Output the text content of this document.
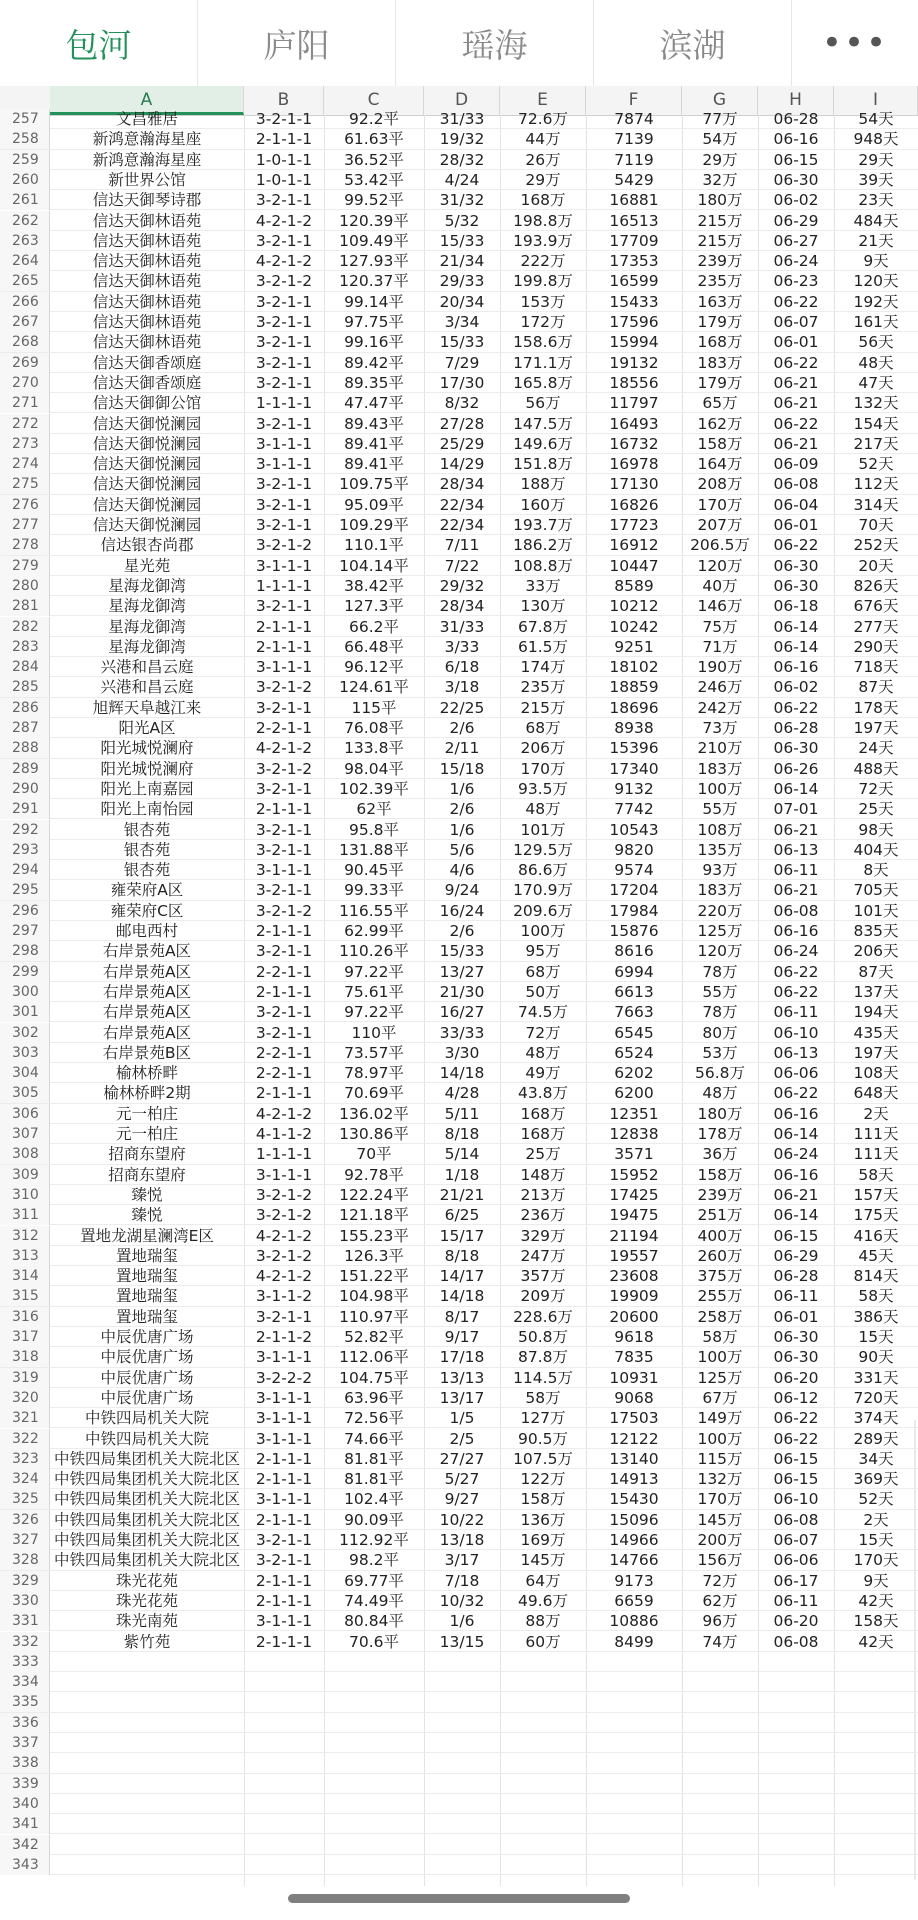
包河	庐阳	瑶海	滨湖	•••
A	B	C	D	E	F	G	H	I
257	文昌雅居	3-2-1-1	92.2平	31/33	72.6万	7874	77万	06-28	54天
258	新鸿意瀚海星座	2-1-1-1	61.63平	19/32	44万	7139	54万	06-16	948天
259	新鸿意瀚海星座	1-0-1-1	36.52平	28/32	26万	7119	29万	06-15	29天
260	新世界公馆	1-0-1-1	53.42平	4/24	29万	5429	32万	06-30	39天
261	信达天御琴诗郡	3-2-1-1	99.52平	31/32	168万	16881	180万	06-02	23天
262	信达天御林语苑	4-2-1-2	120.39平	5/32	198.8万	16513	215万	06-29	484天
263	信达天御林语苑	3-2-1-1	109.49平	15/33	193.9万	17709	215万	06-27	21天
264	信达天御林语苑	4-2-1-2	127.93平	21/34	222万	17353	239万	06-24	9天
265	信达天御林语苑	3-2-1-2	120.37平	29/33	199.8万	16599	235万	06-23	120天
266	信达天御林语苑	3-2-1-1	99.14平	20/34	153万	15433	163万	06-22	192天
267	信达天御林语苑	3-2-1-1	97.75平	3/34	172万	17596	179万	06-07	161天
268	信达天御林语苑	3-2-1-1	99.16平	15/33	158.6万	15994	168万	06-01	56天
269	信达天御香颂庭	3-2-1-1	89.42平	7/29	171.1万	19132	183万	06-22	48天
270	信达天御香颂庭	3-2-1-1	89.35平	17/30	165.8万	18556	179万	06-21	47天
271	信达天御御公馆	1-1-1-1	47.47平	8/32	56万	11797	65万	06-21	132天
272	信达天御悦澜园	3-2-1-1	89.43平	27/28	147.5万	16493	162万	06-22	154天
273	信达天御悦澜园	3-1-1-1	89.41平	25/29	149.6万	16732	158万	06-21	217天
274	信达天御悦澜园	3-1-1-1	89.41平	14/29	151.8万	16978	164万	06-09	52天
275	信达天御悦澜园	3-2-1-1	109.75平	28/34	188万	17130	208万	06-08	112天
276	信达天御悦澜园	3-2-1-1	95.09平	22/34	160万	16826	170万	06-04	314天
277	信达天御悦澜园	3-2-1-1	109.29平	22/34	193.7万	17723	207万	06-01	70天
278	信达银杏尚郡	3-2-1-2	110.1平	7/11	186.2万	16912	206.5万	06-22	252天
279	星光苑	3-1-1-1	104.14平	7/22	108.8万	10447	120万	06-30	20天
280	星海龙御湾	1-1-1-1	38.42平	29/32	33万	8589	40万	06-30	826天
281	星海龙御湾	3-2-1-1	127.3平	28/34	130万	10212	146万	06-18	676天
282	星海龙御湾	2-1-1-1	66.2平	31/33	67.8万	10242	75万	06-14	277天
283	星海龙御湾	2-1-1-1	66.48平	3/33	61.5万	9251	71万	06-14	290天
284	兴港和昌云庭	3-1-1-1	96.12平	6/18	174万	18102	190万	06-16	718天
285	兴港和昌云庭	3-2-1-2	124.61平	3/18	235万	18859	246万	06-02	87天
286	旭辉天阜越江来	3-2-1-1	115平	22/25	215万	18696	242万	06-22	178天
287	阳光A区	2-2-1-1	76.08平	2/6	68万	8938	73万	06-28	197天
288	阳光城悦澜府	4-2-1-2	133.8平	2/11	206万	15396	210万	06-30	24天
289	阳光城悦澜府	3-2-1-2	98.04平	15/18	170万	17340	183万	06-26	488天
290	阳光上南嘉园	3-2-1-1	102.39平	1/6	93.5万	9132	100万	06-14	72天
291	阳光上南怡园	2-1-1-1	62平	2/6	48万	7742	55万	07-01	25天
292	银杏苑	3-2-1-1	95.8平	1/6	101万	10543	108万	06-21	98天
293	银杏苑	3-2-1-1	131.88平	5/6	129.5万	9820	135万	06-13	404天
294	银杏苑	3-1-1-1	90.45平	4/6	86.6万	9574	93万	06-11	8天
295	雍荣府A区	3-2-1-1	99.33平	9/24	170.9万	17204	183万	06-21	705天
296	雍荣府C区	3-2-1-2	116.55平	16/24	209.6万	17984	220万	06-08	101天
297	邮电西村	2-1-1-1	62.99平	2/6	100万	15876	125万	06-16	835天
298	右岸景苑A区	3-2-1-1	110.26平	15/33	95万	8616	120万	06-24	206天
299	右岸景苑A区	2-2-1-1	97.22平	13/27	68万	6994	78万	06-22	87天
300	右岸景苑A区	2-1-1-1	75.61平	21/30	50万	6613	55万	06-22	137天
301	右岸景苑A区	3-2-1-1	97.22平	16/27	74.5万	7663	78万	06-11	194天
302	右岸景苑A区	3-2-1-1	110平	33/33	72万	6545	80万	06-10	435天
303	右岸景苑B区	2-2-1-1	73.57平	3/30	48万	6524	53万	06-13	197天
304	榆林桥畔	2-2-1-1	78.97平	14/18	49万	6202	56.8万	06-06	108天
305	榆林桥畔2期	2-1-1-1	70.69平	4/28	43.8万	6200	48万	06-22	648天
306	元一柏庄	4-2-1-2	136.02平	5/11	168万	12351	180万	06-16	2天
307	元一柏庄	4-1-1-2	130.86平	8/18	168万	12838	178万	06-14	111天
308	招商东望府	1-1-1-1	70平	5/14	25万	3571	36万	06-24	111天
309	招商东望府	3-1-1-1	92.78平	1/18	148万	15952	158万	06-16	58天
310	臻悦	3-2-1-2	122.24平	21/21	213万	17425	239万	06-21	157天
311	臻悦	3-2-1-2	121.18平	6/25	236万	19475	251万	06-14	175天
312	置地龙湖星澜湾E区	4-2-1-2	155.23平	15/17	329万	21194	400万	06-15	416天
313	置地瑞玺	3-2-1-2	126.3平	8/18	247万	19557	260万	06-29	45天
314	置地瑞玺	4-2-1-2	151.22平	14/17	357万	23608	375万	06-28	814天
315	置地瑞玺	3-1-1-2	104.98平	14/18	209万	19909	255万	06-11	58天
316	置地瑞玺	3-2-1-1	110.97平	8/17	228.6万	20600	258万	06-01	386天
317	中辰优唐广场	2-1-1-2	52.82平	9/17	50.8万	9618	58万	06-30	15天
318	中辰优唐广场	3-1-1-1	112.06平	17/18	87.8万	7835	100万	06-30	90天
319	中辰优唐广场	3-2-2-2	104.75平	13/13	114.5万	10931	125万	06-20	331天
320	中辰优唐广场	3-1-1-1	63.96平	13/17	58万	9068	67万	06-12	720天
321	中铁四局机关大院	3-1-1-1	72.56平	1/5	127万	17503	149万	06-22	374天
322	中铁四局机关大院	3-1-1-1	74.66平	2/5	90.5万	12122	100万	06-22	289天
323 中铁四局集团机关大院北区	2-1-1-1	81.81平	27/27	107.5万	13140	115万	06-15	34天
324 中铁四局集团机关大院北区	2-1-1-1	81.81平	5/27	122万	14913	132万	06-15	369天
325 中铁四局集团机关大院北区	3-1-1-1	102.4平	9/27	158万	15430	170万	06-10	52天
326 中铁四局集团机关大院北区	2-1-1-1	90.09平	10/22	136万	15096	145万	06-08	2天
327 中铁四局集团机关大院北区	3-2-1-1	112.92平	13/18	169万	14966	200万	06-07	15天
328 中铁四局集团机关大院北区	3-2-1-1	98.2平	3/17	145万	14766	156万	06-06	170天
329	珠光花苑	2-1-1-1	69.77平	7/18	64万	9173	72万	06-17	9天
330	珠光花苑	2-1-1-1	74.49平	10/32	49.6万	6659	62万	06-11	42天
331	珠光南苑	3-1-1-1	80.84平	1/6	88万	10886	96万	06-20	158天
332	紫竹苑	2-1-1-1	70.6平	13/15	60万	8499	74万	06-08	42天
333
334
335
336
337
338
339
340
341
342
343
